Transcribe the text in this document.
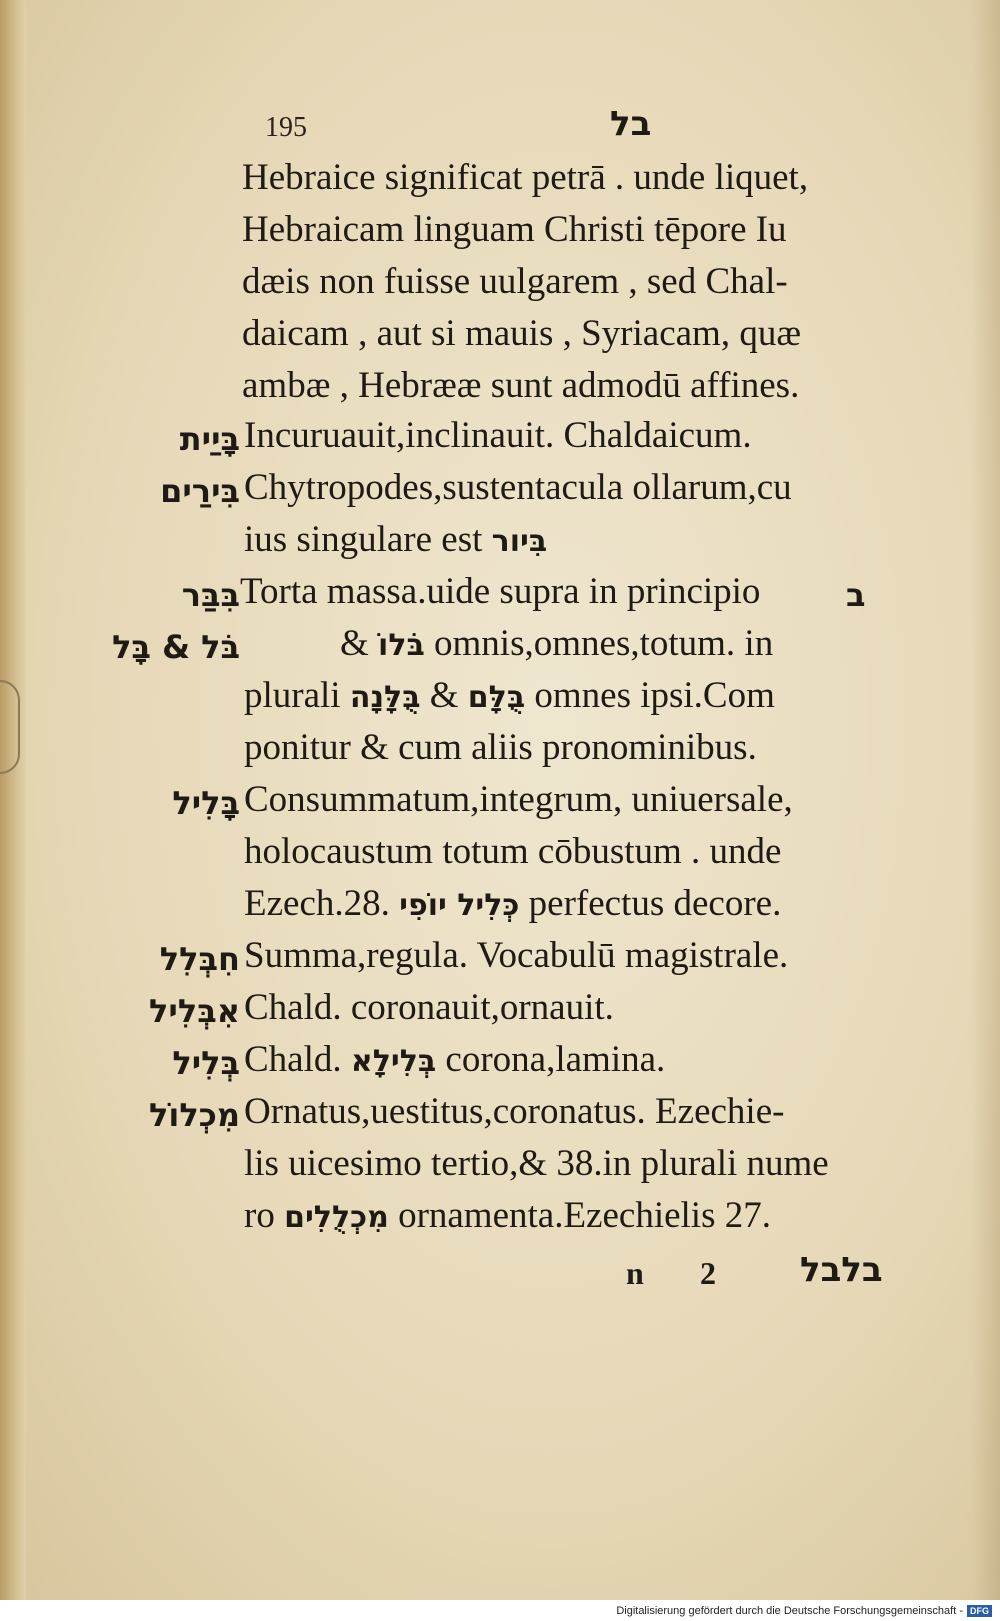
195	בל
Hebraice significat petrā . unde liquet,
Hebraicam linguam Christi tēpore Iu
dæis non fuisse uulgarem , sed Chal-
daicam , aut si mauis , Syriacam, quæ
ambæ , Hebrææ sunt admodū affines.
בָּיַית Incuruauit,inclinauit. Chaldaicum.
בִּירַים Chytropodes,sustentacula ollarum,cu
ius singulare est בִּיור
בִּבַּר Torta massa.uide supra in principio	ב
בֹּל & בָּל	& בֹּלוֹ omnis,omnes,totum. in
plurali בֻּלָּנָה & בֻּלָּם omnes ipsi.Com
ponitur & cum aliis pronominibus.
בָּלִיל Consummatum,integrum, uniuersale,
holocaustum totum cōbustum . unde
Ezech.28. כְּלִיל יוֹפִי perfectus decore.
חִבְּלִל Summa,regula. Vocabulū magistrale.
אִבְּלִיל Chald. coronauit,ornauit.
בְּלִיל Chald. בְּלִילָא corona,lamina.
מִכְלוֹל Ornatus,uestitus,coronatus. Ezechie-
lis uicesimo tertio,& 38.in plurali nume
ro מִכְלֻלִים ornamenta.Ezechielis 27.
n 2 בלבל
Digitalisierung gefördert durch die Deutsche Forschungsgemeinschaft - DFG
